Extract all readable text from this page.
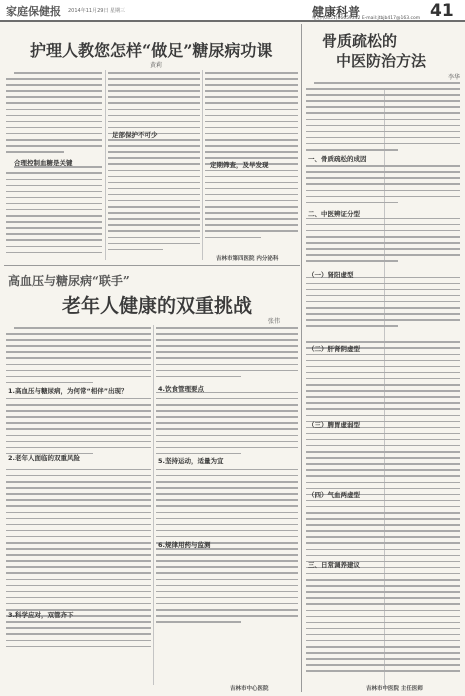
家庭保健报 2014年11月29日 星期三	健康科普
电话:(0451)86659342 E-mail:jtbjb417@163.com 41
护理人教您怎样“做足”糖尿病功课
黄莉
合理控制血糖是关键
足部保护不可少
定期筛查，及早发现
吉林市第四医院 内分泌科
高血压与糖尿病“联手”
老年人健康的双重挑战
张伟
1.高血压与糖尿病，为何常“相伴”出现？
2.老年人面临的双重风险
3.科学应对，双管齐下
4.饮食管理要点
5.坚持运动，适量为宜
6.规律用药与监测
吉林市中心医院
骨质疏松的
中医防治方法
李华
一、骨质疏松的成因
二、中医辨证分型
（一）肾阳虚型
（二）肝肾阴虚型
（三）脾胃虚弱型
（四）气血两虚型
三、日常调养建议
吉林市中医院 主任医师
